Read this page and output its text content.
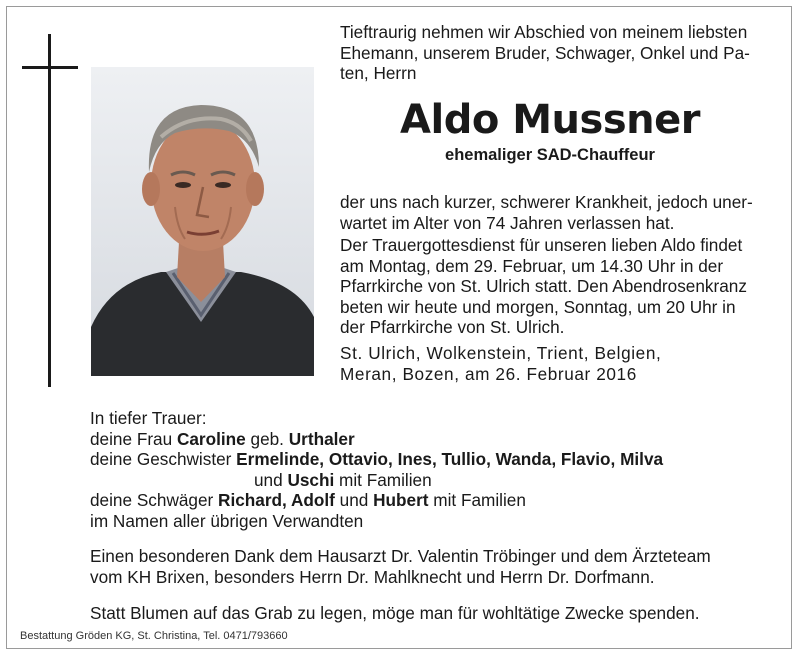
Tieftraurig nehmen wir Abschied von meinem liebsten
Ehemann, unserem Bruder, Schwager, Onkel und Pa-
ten, Herrn
Aldo Mussner
ehemaliger SAD-Chauffeur
der uns nach kurzer, schwerer Krankheit, jedoch uner-
wartet im Alter von 74 Jahren verlassen hat.
Der Trauergottesdienst für unseren lieben Aldo findet
am Montag, dem 29. Februar, um 14.30 Uhr in der
Pfarrkirche von St. Ulrich statt. Den Abendrosenkranz
beten wir heute und morgen, Sonntag, um 20 Uhr in
der Pfarrkirche von St. Ulrich.
St. Ulrich, Wolkenstein, Trient, Belgien,
Meran, Bozen, am 26. Februar 2016
In tiefer Trauer:
deine Frau Caroline geb. Urthaler
deine Geschwister Ermelinde, Ottavio, Ines, Tullio, Wanda, Flavio, Milva
und Uschi mit Familien
deine Schwäger Richard, Adolf und Hubert mit Familien
im Namen aller übrigen Verwandten
Einen besonderen Dank dem Hausarzt Dr. Valentin Tröbinger und dem Ärzteteam
vom KH Brixen, besonders Herrn Dr. Mahlknecht und Herrn Dr. Dorfmann.
Statt Blumen auf das Grab zu legen, möge man für wohltätige Zwecke spenden.
Bestattung Gröden KG, St. Christina, Tel. 0471/793660
